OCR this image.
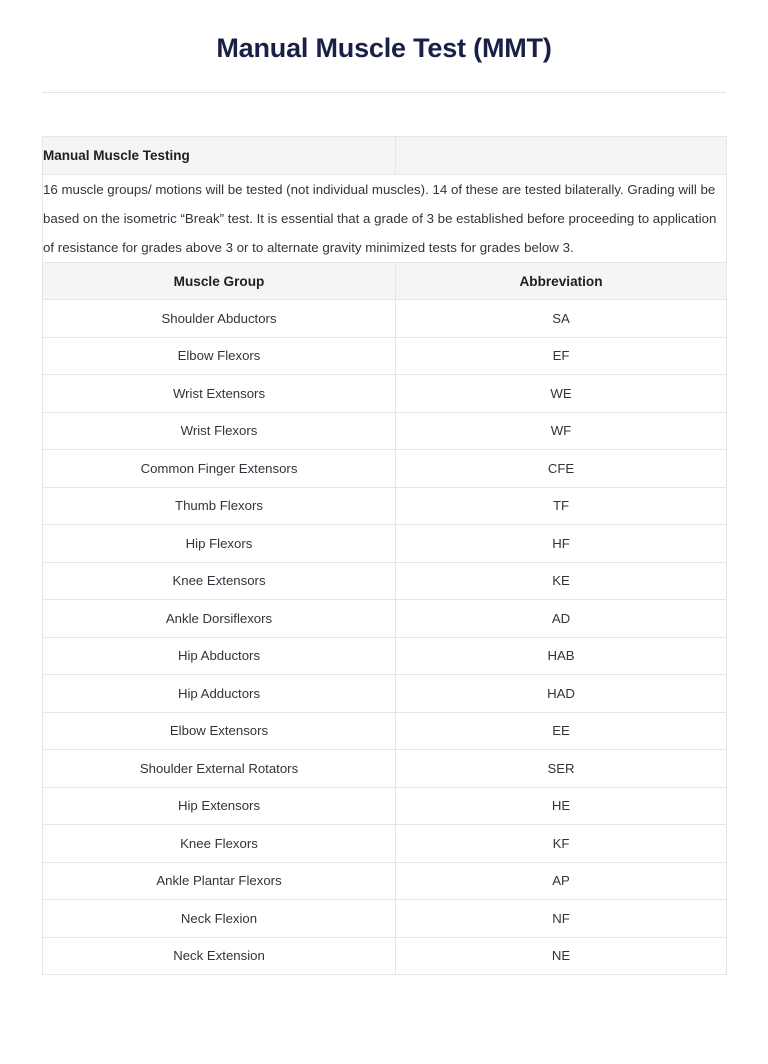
Manual Muscle Test (MMT)
Manual Muscle Testing	
16 muscle groups/ motions will be tested (not individual muscles). 14 of these are tested bilaterally. Grading will be based on the isometric “Break” test. It is essential that a grade of 3 be established before proceeding to application of resistance for grades above 3 or to alternate gravity minimized tests for grades below 3.	
Muscle Group	Abbreviation
Shoulder Abductors	SA
Elbow Flexors	EF
Wrist Extensors	WE
Wrist Flexors	WF
Common Finger Extensors	CFE
Thumb Flexors	TF
Hip Flexors	HF
Knee Extensors	KE
Ankle Dorsiflexors	AD
Hip Abductors	HAB
Hip Adductors	HAD
Elbow Extensors	EE
Shoulder External Rotators	SER
Hip Extensors	HE
Knee Flexors	KF
Ankle Plantar Flexors	AP
Neck Flexion	NF
Neck Extension	NE
